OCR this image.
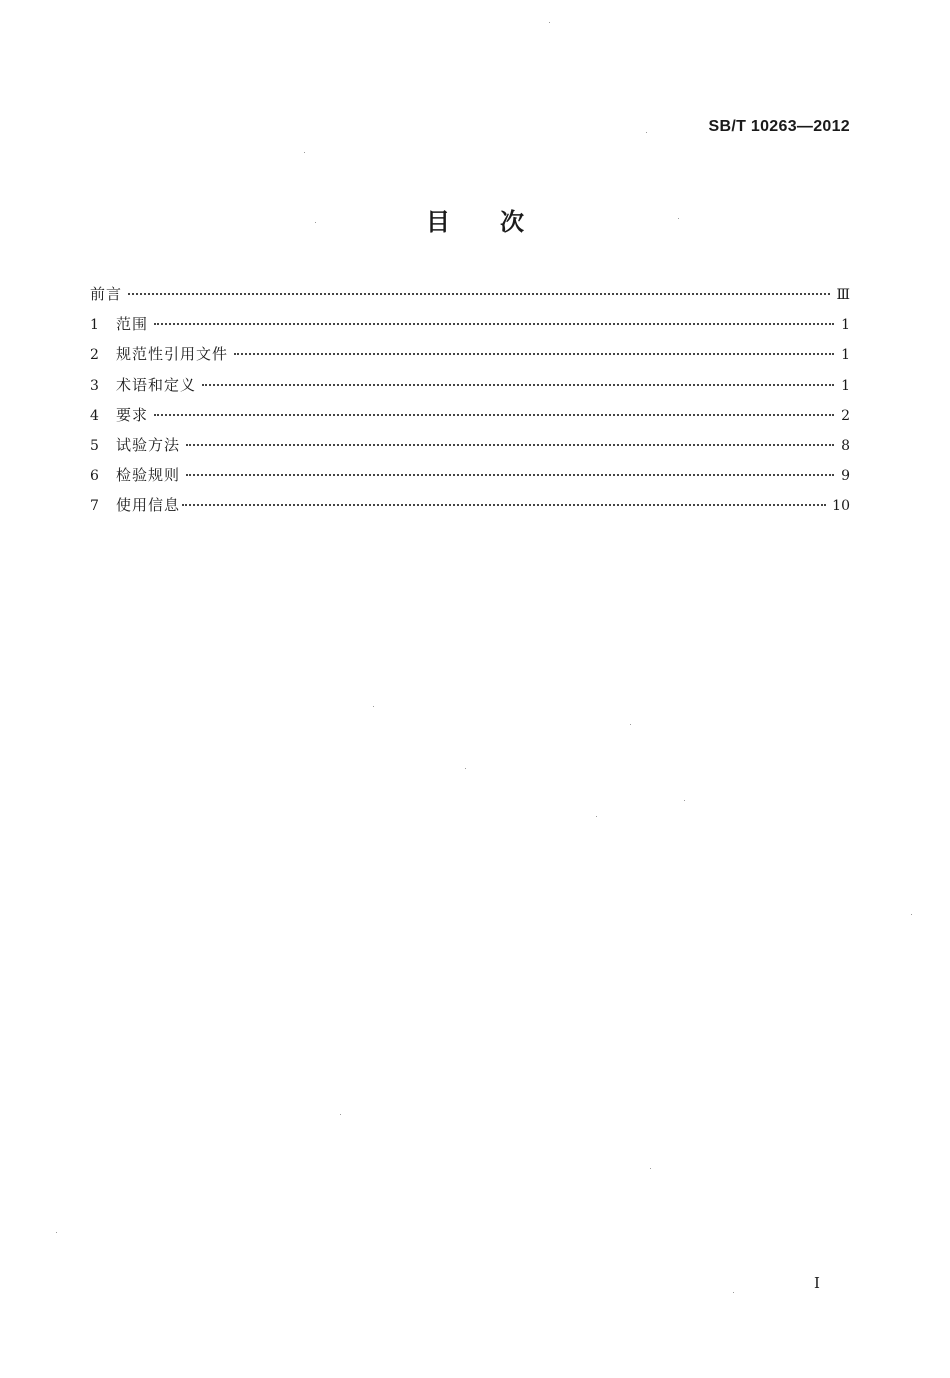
SB/T 10263—2012
目次
前言	Ⅲ
1	范围	1
2	规范性引用文件	1
3	术语和定义	1
4	要求	2
5	试验方法	8
6	检验规则	9
7	使用信息	10
I
